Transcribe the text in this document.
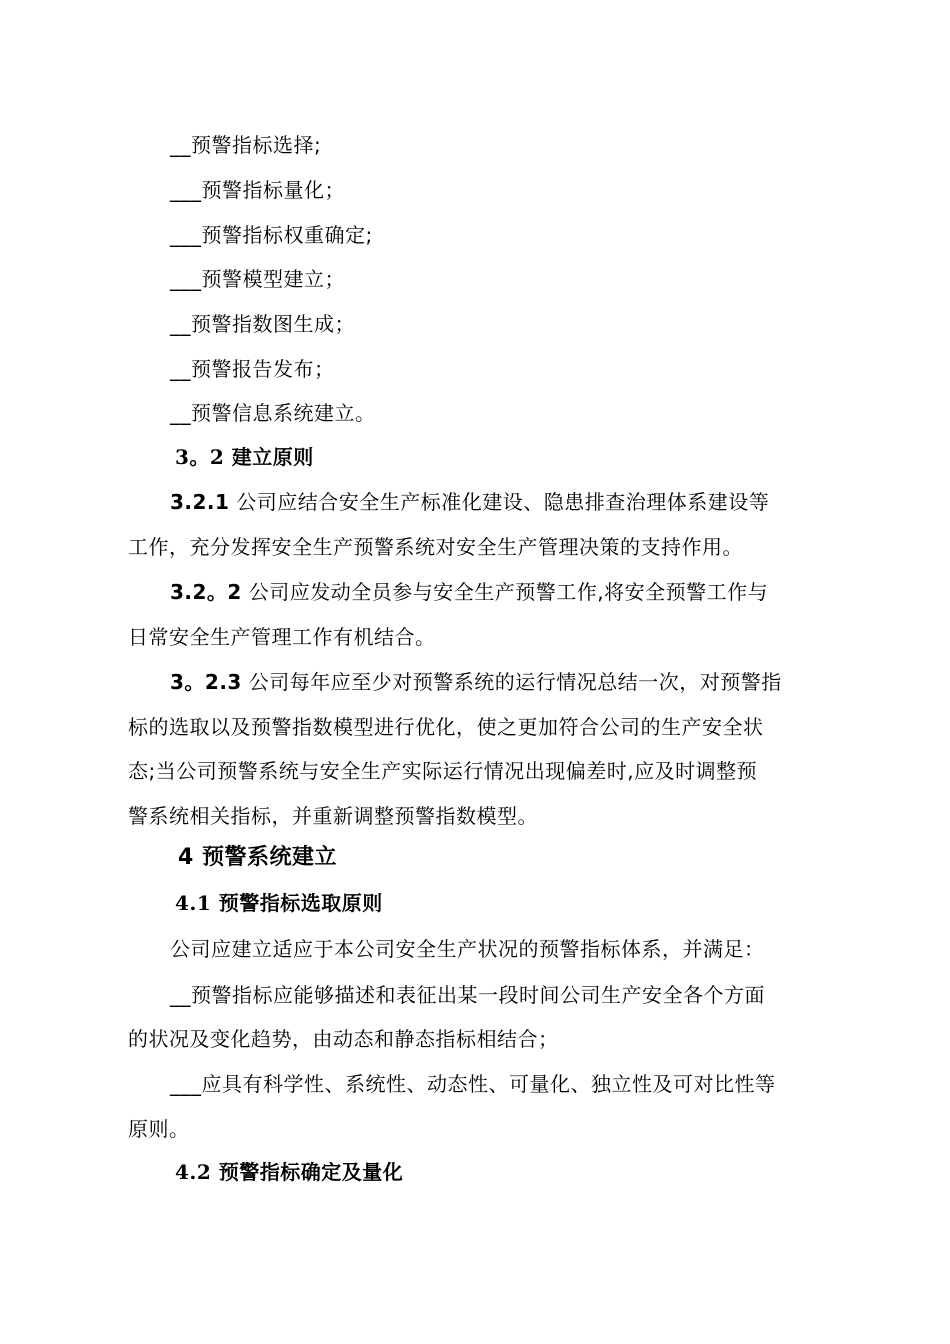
__预警指标选择;
___预警指标量化；
___预警指标权重确定;
___预警模型建立；
__预警指数图生成；
__预警报告发布；
__预警信息系统建立。
3。2 建立原则
3.2.1 公司应结合安全生产标准化建设、隐患排查治理体系建设等
工作，充分发挥安全生产预警系统对安全生产管理决策的支持作用。
3.2。2 公司应发动全员参与安全生产预警工作,将安全预警工作与
日常安全生产管理工作有机结合。
3。2.3 公司每年应至少对预警系统的运行情况总结一次，对预警指
标的选取以及预警指数模型进行优化，使之更加符合公司的生产安全状
态;当公司预警系统与安全生产实际运行情况出现偏差时,应及时调整预
警系统相关指标，并重新调整预警指数模型。
4 预警系统建立
4.1 预警指标选取原则
公司应建立适应于本公司安全生产状况的预警指标体系，并满足：
__预警指标应能够描述和表征出某一段时间公司生产安全各个方面
的状况及变化趋势，由动态和静态指标相结合；
___应具有科学性、系统性、动态性、可量化、独立性及可对比性等
原则。
4.2 预警指标确定及量化
